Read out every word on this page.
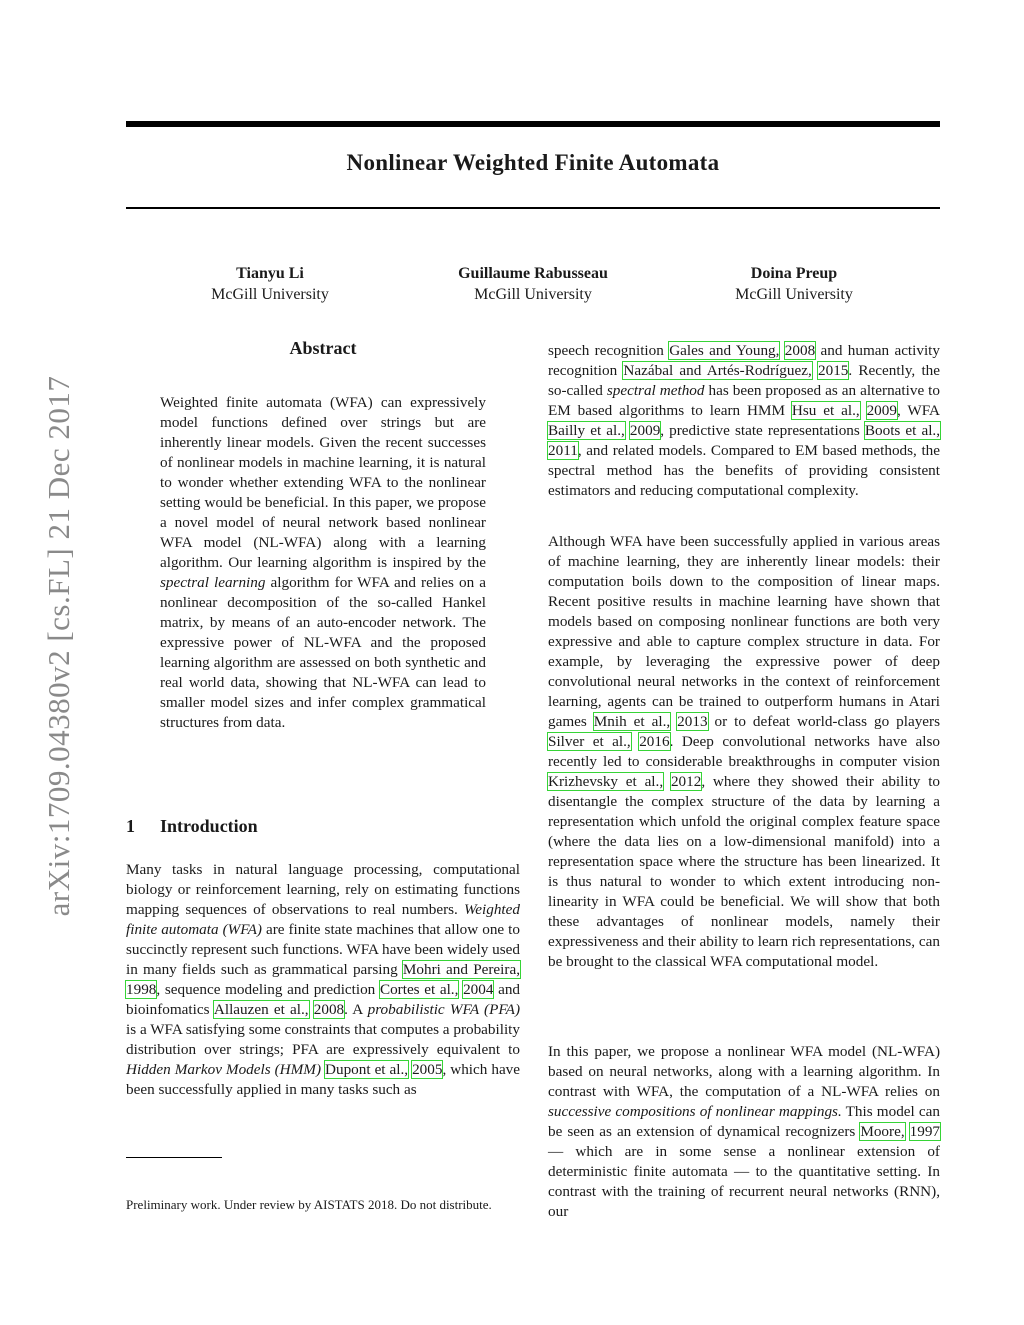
Nonlinear Weighted Finite Automata
Tianyu Li
McGill University
Guillaume Rabusseau
McGill University
Doina Preup
McGill University
arXiv:1709.04380v2 [cs.FL] 21 Dec 2017
Abstract

Weighted finite automata (WFA) can expressively model functions defined over strings but are inherently linear models. Given the recent successes of nonlinear models in machine learning, it is natural to wonder whether extending WFA to the nonlinear setting would be beneficial. In this paper, we propose a novel model of neural network based nonlinear WFA model (NL-WFA) along with a learning algorithm. Our learning algorithm is inspired by the spectral learning algorithm for WFA and relies on a nonlinear decomposition of the so-called Hankel matrix, by means of an auto-encoder network. The expressive power of NL-WFA and the proposed learning algorithm are assessed on both synthetic and real world data, showing that NL-WFA can lead to smaller model sizes and infer complex grammatical structures from data.

1 Introduction

Many tasks in natural language processing, computational biology or reinforcement learning, rely on estimating functions mapping sequences of observations to real numbers. Weighted finite automata (WFA) are finite state machines that allow one to succinctly represent such functions. WFA have been widely used in many fields such as grammatical parsing Mohri and Pereira, 1998, sequence modeling and prediction Cortes et al., 2004 and bioinfomatics Allauzen et al., 2008. A probabilistic WFA (PFA) is a WFA satisfying some constraints that computes a probability distribution over strings; PFA are expressively equivalent to Hidden Markov Models (HMM) Dupont et al., 2005, which have been successfully applied in many tasks such as

speech recognition Gales and Young, 2008 and human activity recognition Nazábal and Artés-Rodríguez, 2015. Recently, the so-called spectral method has been proposed as an alternative to EM based algorithms to learn HMM Hsu et al., 2009, WFA Bailly et al., 2009, predictive state representations Boots et al., 2011, and related models. Compared to EM based methods, the spectral method has the benefits of providing consistent estimators and reducing computational complexity.

Although WFA have been successfully applied in various areas of machine learning, they are inherently linear models: their computation boils down to the composition of linear maps. Recent positive results in machine learning have shown that models based on composing nonlinear functions are both very expressive and able to capture complex structure in data. For example, by leveraging the expressive power of deep convolutional neural networks in the context of reinforcement learning, agents can be trained to outperform humans in Atari games Mnih et al., 2013 or to defeat world-class go players Silver et al., 2016. Deep convolutional networks have also recently led to considerable breakthroughs in computer vision Krizhevsky et al., 2012, where they showed their ability to disentangle the complex structure of the data by learning a representation which unfold the original complex feature space (where the data lies on a low-dimensional manifold) into a representation space where the structure has been linearized. It is thus natural to wonder to which extent introducing non-linearity in WFA could be beneficial. We will show that both these advantages of nonlinear models, namely their expressiveness and their ability to learn rich representations, can be brought to the classical WFA computational model.

In this paper, we propose a nonlinear WFA model (NL-WFA) based on neural networks, along with a learning algorithm. In contrast with WFA, the computation of a NL-WFA relies on successive compositions of nonlinear mappings. This model can be seen as an extension of dynamical recognizers Moore, 1997 — which are in some sense a nonlinear extension of deterministic finite automata — to the quantitative setting. In contrast with the training of recurrent neural networks (RNN), our

Preliminary work. Under review by AISTATS 2018. Do not distribute.
